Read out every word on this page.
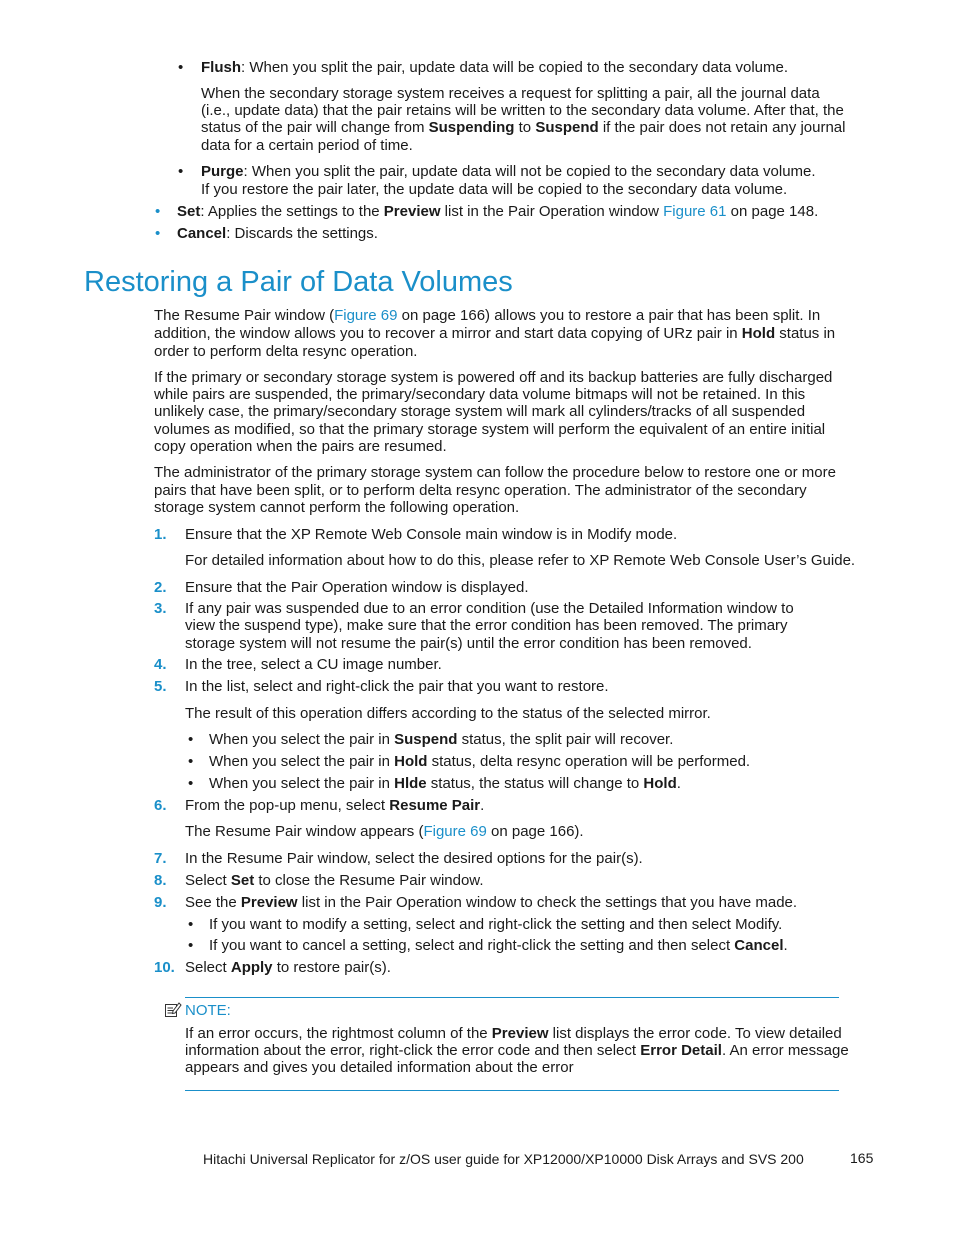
• Flush: When you split the pair, update data will be copied to the secondary data volume.
When the secondary storage system receives a request for splitting a pair, all the journal data
(i.e., update data) that the pair retains will be written to the secondary data volume. After that, the
status of the pair will change from Suspending to Suspend if the pair does not retain any journal
data for a certain period of time.
• Purge: When you split the pair, update data will not be copied to the secondary data volume.
If you restore the pair later, the update data will be copied to the secondary data volume.
• Set: Applies the settings to the Preview list in the Pair Operation window Figure 61 on page 148.
• Cancel: Discards the settings.
Restoring a Pair of Data Volumes
The Resume Pair window (Figure 69 on page 166) allows you to restore a pair that has been split. In
addition, the window allows you to recover a mirror and start data copying of URz pair in Hold status in
order to perform delta resync operation.
If the primary or secondary storage system is powered off and its backup batteries are fully discharged
while pairs are suspended, the primary/secondary data volume bitmaps will not be retained. In this
unlikely case, the primary/secondary storage system will mark all cylinders/tracks of all suspended
volumes as modified, so that the primary storage system will perform the equivalent of an entire initial
copy operation when the pairs are resumed.
The administrator of the primary storage system can follow the procedure below to restore one or more
pairs that have been split, or to perform delta resync operation. The administrator of the secondary
storage system cannot perform the following operation.
1. Ensure that the XP Remote Web Console main window is in Modify mode.
For detailed information about how to do this, please refer to XP Remote Web Console User’s Guide.
2. Ensure that the Pair Operation window is displayed.
3. If any pair was suspended due to an error condition (use the Detailed Information window to
view the suspend type), make sure that the error condition has been removed. The primary
storage system will not resume the pair(s) until the error condition has been removed.
4. In the tree, select a CU image number.
5. In the list, select and right-click the pair that you want to restore.
The result of this operation differs according to the status of the selected mirror.
• When you select the pair in Suspend status, the split pair will recover.
• When you select the pair in Hold status, delta resync operation will be performed.
• When you select the pair in Hlde status, the status will change to Hold.
6. From the pop-up menu, select Resume Pair.
The Resume Pair window appears (Figure 69 on page 166).
7. In the Resume Pair window, select the desired options for the pair(s).
8. Select Set to close the Resume Pair window.
9. See the Preview list in the Pair Operation window to check the settings that you have made.
• If you want to modify a setting, select and right-click the setting and then select Modify.
• If you want to cancel a setting, select and right-click the setting and then select Cancel.
10. Select Apply to restore pair(s).
NOTE:
If an error occurs, the rightmost column of the Preview list displays the error code. To view detailed
information about the error, right-click the error code and then select Error Detail. An error message
appears and gives you detailed information about the error
Hitachi Universal Replicator for z/OS user guide for XP12000/XP10000 Disk Arrays and SVS 200	165
